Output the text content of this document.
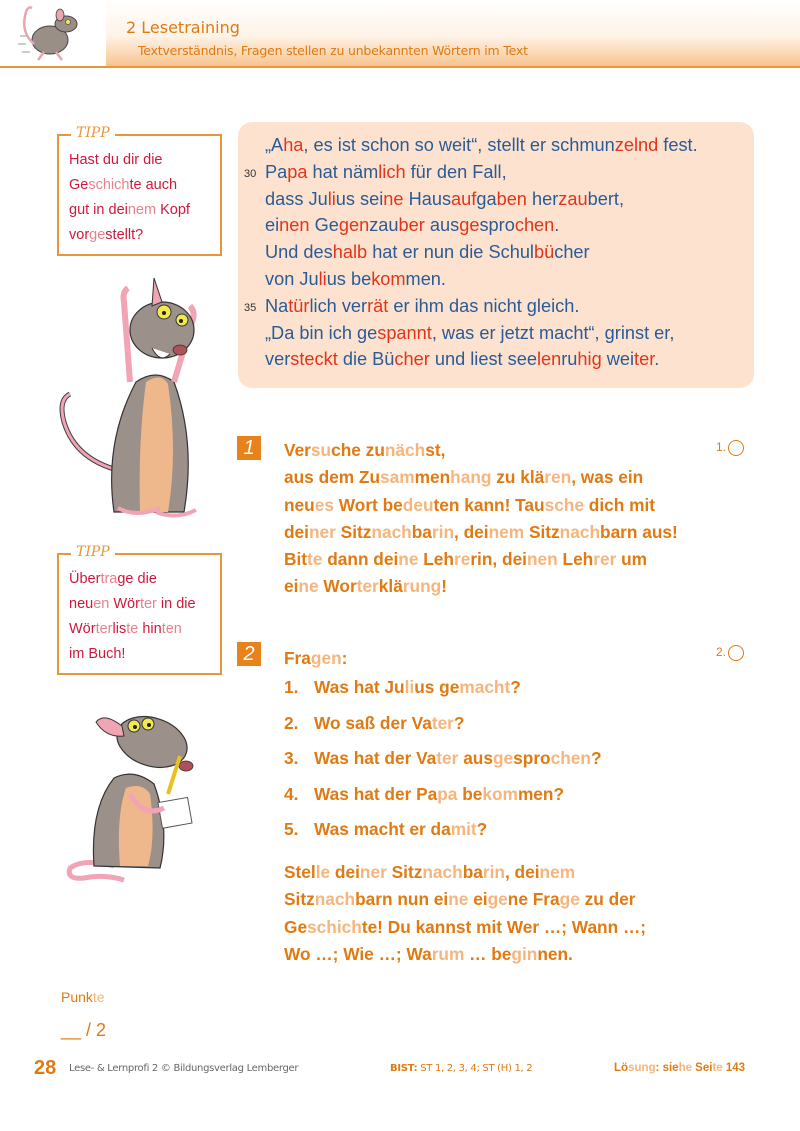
2 Lesetraining
Textverständnis, Fragen stellen zu unbekannten Wörtern im Text
TIPP
Hast du dir die
Geschichte auch
gut in deinem Kopf
vorgestellt?
TIPP
Übertrage die
neuen Wörter in die
Wörterliste hinten
im Buch!
„Aha, es ist schon so weit“, stellt er schmunzelnd fest.
Papa hat nämlich für den Fall,
dass Julius seine Hausaufgaben herzaubert,
einen Gegenzauber ausgesprochen.
Und deshalb hat er nun die Schulbücher
von Julius bekommen.
Natürlich verrät er ihm das nicht gleich.
„Da bin ich gespannt, was er jetzt macht“, grinst er,
versteckt die Bücher und liest seelenruhig weiter.
30
35
1	1.
Versuche zunächst,
aus dem Zusammenhang zu klären, was ein
neues Wort bedeuten kann! Tausche dich mit
deiner Sitznachbarin, deinem Sitznachbarn aus!
Bitte dann deine Lehrerin, deinen Lehrer um
eine Worterklärung!
2	2.
Fragen:
1. Was hat Julius gemacht?
2. Wo saß der Vater?
3. Was hat der Vater ausgesprochen?
4. Was hat der Papa bekommen?
5. Was macht er damit?
Stelle deiner Sitznachbarin, deinem
Sitznachbarn nun eine eigene Frage zu der
Geschichte! Du kannst mit Wer …; Wann …;
Wo …; Wie …; Warum … beginnen.
Punkte
__ / 2
28 Lese- & Lernprofi 2 © Bildungsverlag Lemberger	BIST: ST 1, 2, 3, 4; ST (H) 1, 2	Lösung: siehe Seite 143
